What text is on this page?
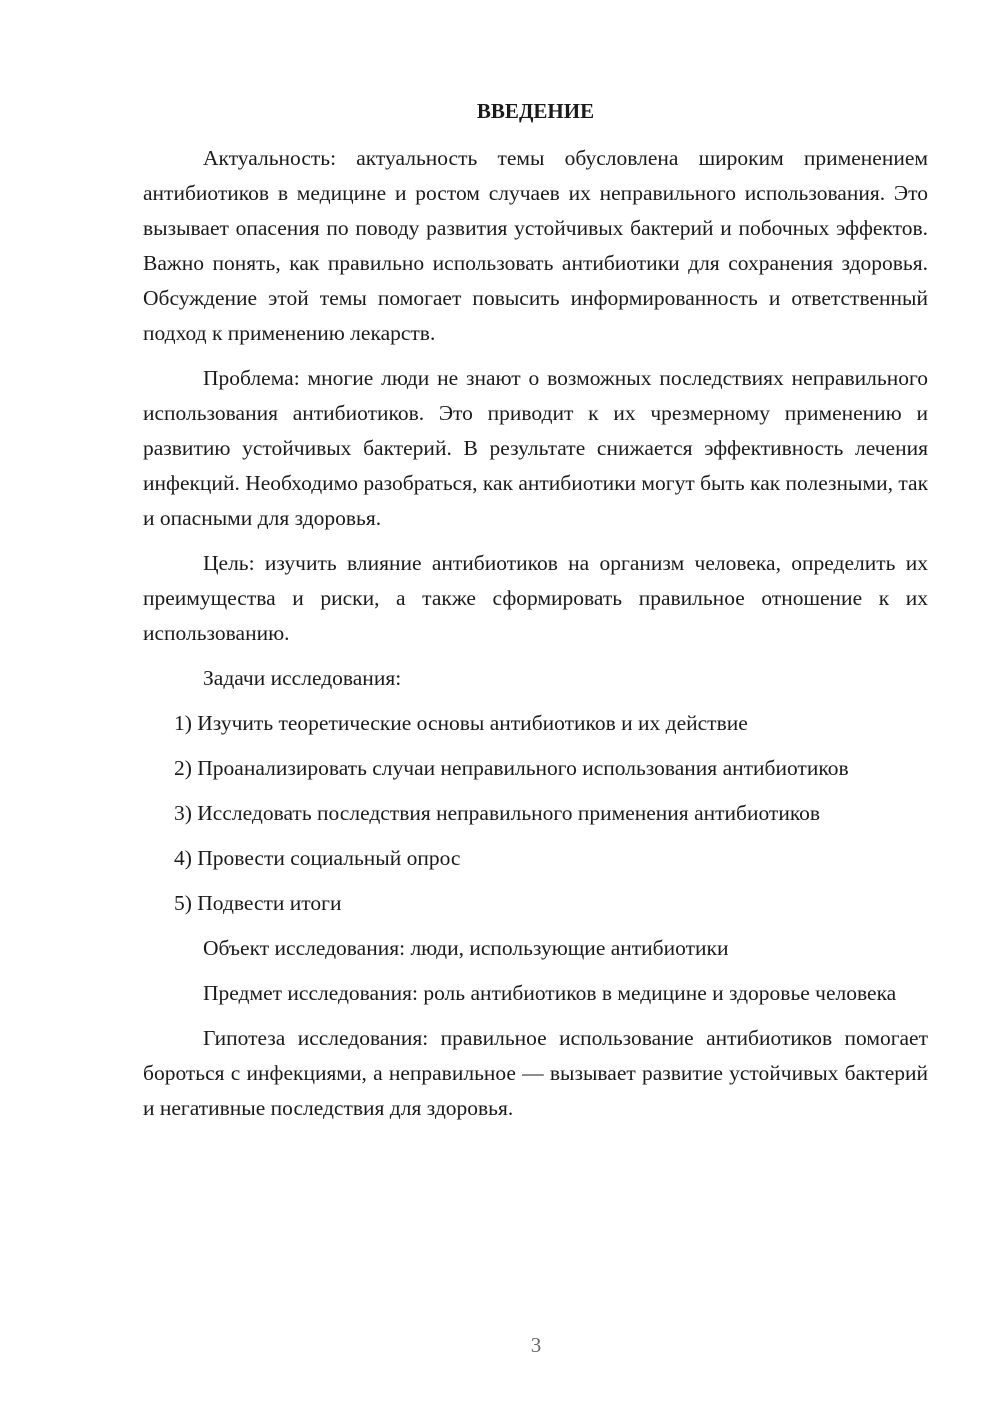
ВВЕДЕНИЕ

Актуальность: актуальность темы обусловлена широким применением антибиотиков в медицине и ростом случаев их неправильного использования. Это вызывает опасения по поводу развития устойчивых бактерий и побочных эффектов. Важно понять, как правильно использовать антибиотики для сохранения здоровья. Обсуждение этой темы помогает повысить информированность и ответственный подход к применению лекарств.

Проблема: многие люди не знают о возможных последствиях неправильного использования антибиотиков. Это приводит к их чрезмерному применению и развитию устойчивых бактерий. В результате снижается эффективность лечения инфекций. Необходимо разобраться, как антибиотики могут быть как полезными, так и опасными для здоровья.

Цель: изучить влияние антибиотиков на организм человека, определить их преимущества и риски, а также сформировать правильное отношение к их использованию.

Задачи исследования:

1) Изучить теоретические основы антибиотиков и их действие
2) Проанализировать случаи неправильного использования антибиотиков
3) Исследовать последствия неправильного применения антибиотиков
4) Провести социальный опрос
5) Подвести итоги

Объект исследования: люди, использующие антибиотики

Предмет исследования: роль антибиотиков в медицине и здоровье человека

Гипотеза исследования: правильное использование антибиотиков помогает бороться с инфекциями, а неправильное — вызывает развитие устойчивых бактерий и негативные последствия для здоровья.

3
